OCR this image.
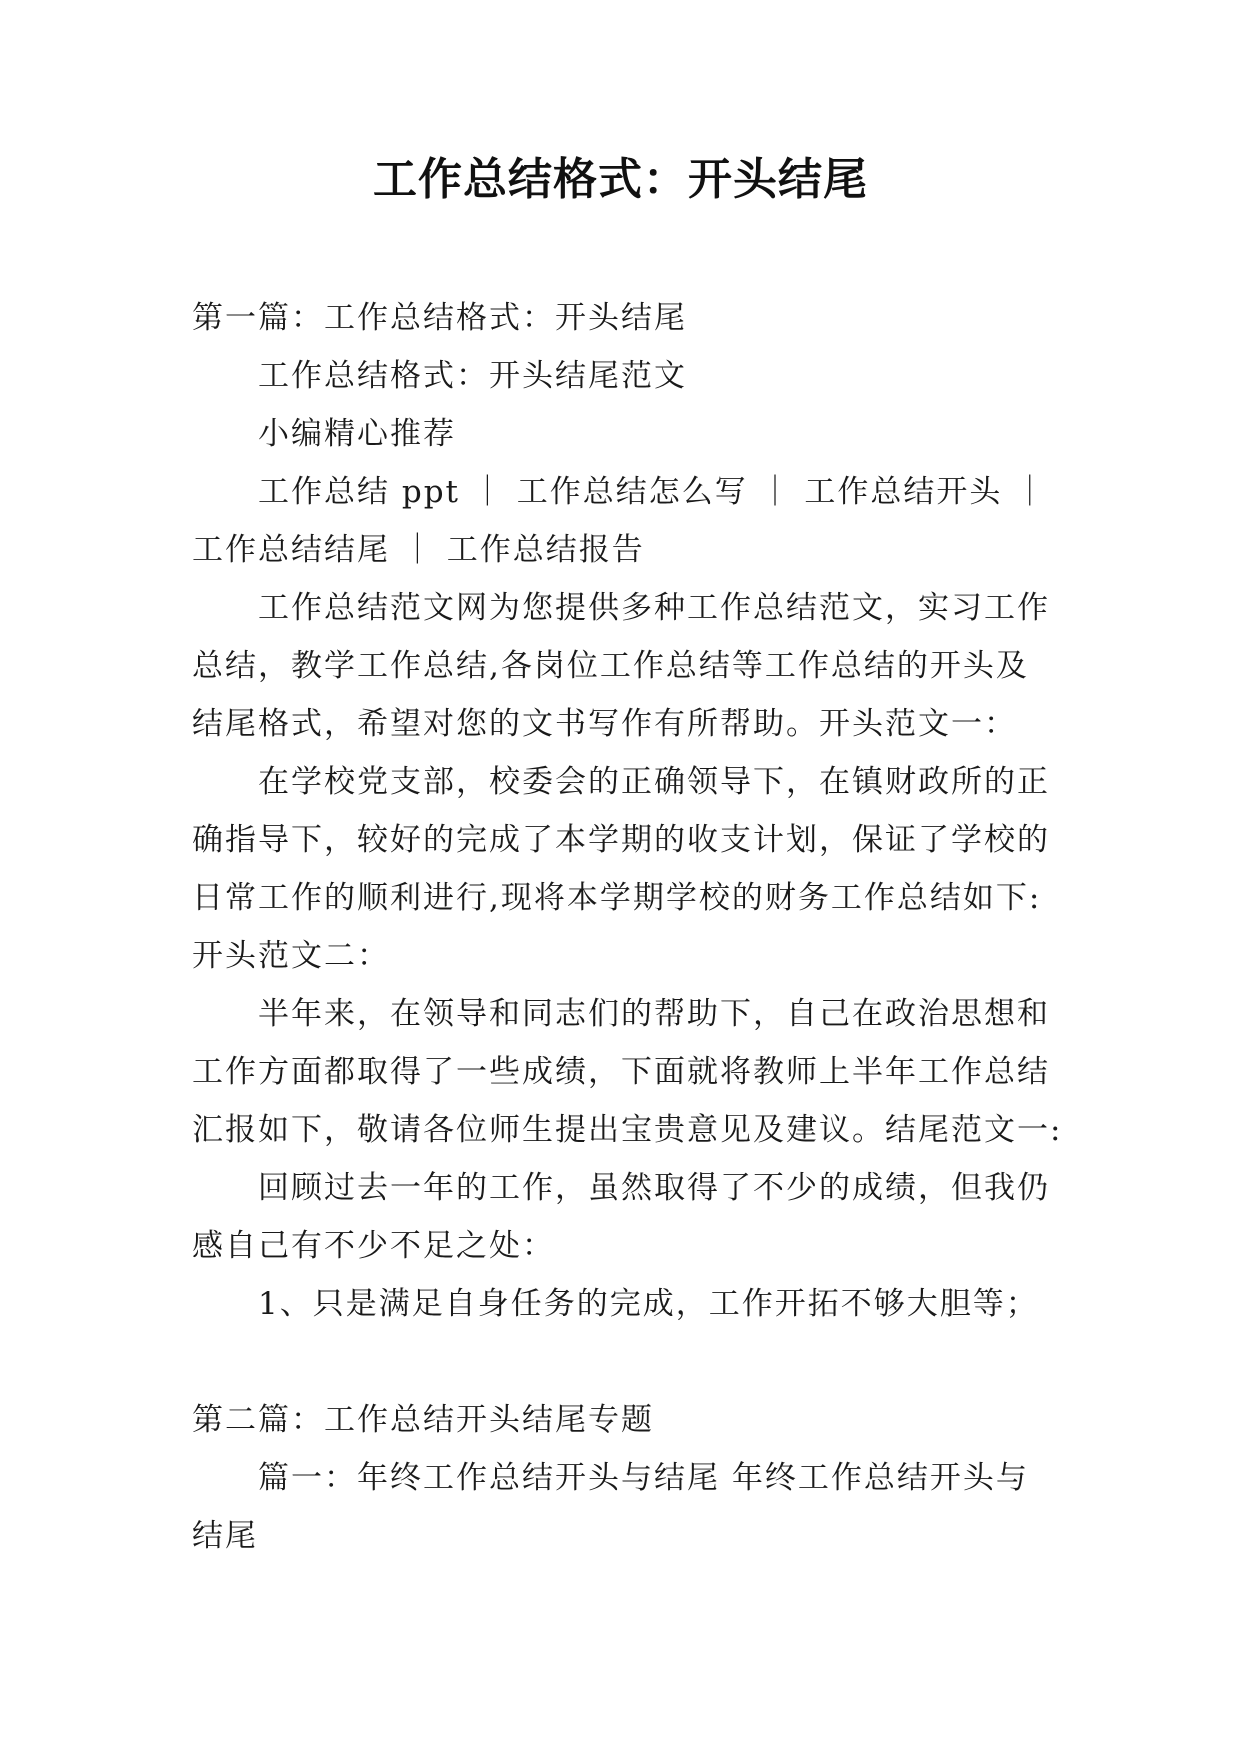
工作总结格式：开头结尾
第一篇：工作总结格式：开头结尾
工作总结格式：开头结尾范文
小编精心推荐
工作总结 ppt ｜ 工作总结怎么写 ｜ 工作总结开头 ｜
工作总结结尾 ｜ 工作总结报告
工作总结范文网为您提供多种工作总结范文，实习工作
总结，教学工作总结,各岗位工作总结等工作总结的开头及
结尾格式，希望对您的文书写作有所帮助。开头范文一：
在学校党支部，校委会的正确领导下，在镇财政所的正
确指导下，较好的完成了本学期的收支计划，保证了学校的
日常工作的顺利进行,现将本学期学校的财务工作总结如下:
开头范文二：
半年来，在领导和同志们的帮助下，自己在政治思想和
工作方面都取得了一些成绩，下面就将教师上半年工作总结
汇报如下，敬请各位师生提出宝贵意见及建议。结尾范文一:
回顾过去一年的工作，虽然取得了不少的成绩，但我仍
感自己有不少不足之处：
1、只是满足自身任务的完成，工作开拓不够大胆等；
第二篇：工作总结开头结尾专题
篇一：年终工作总结开头与结尾 年终工作总结开头与
结尾
